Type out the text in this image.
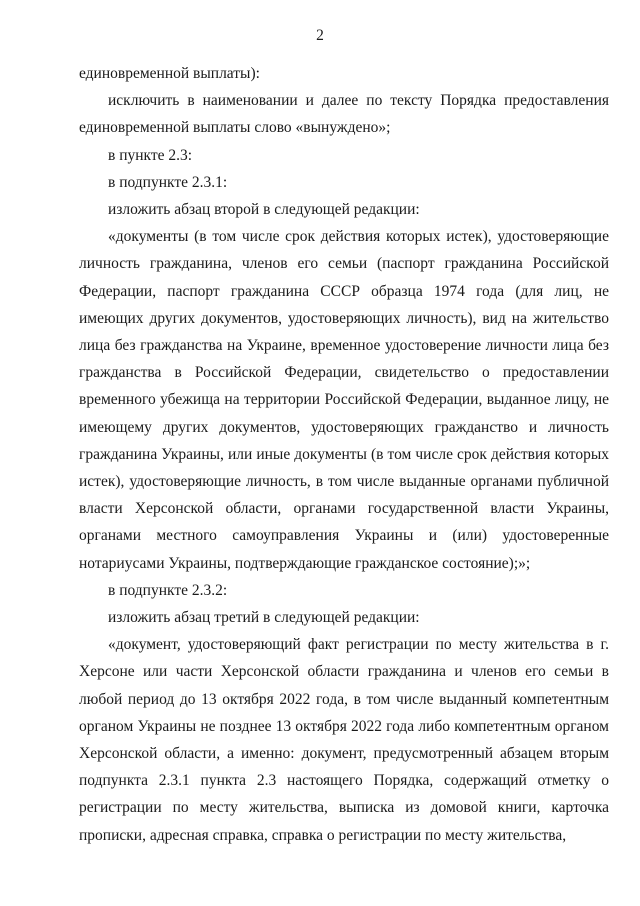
2

единовременной выплаты):

исключить в наименовании и далее по тексту Порядка предоставления единовременной выплаты слово «вынуждено»;

в пункте 2.3:

в подпункте 2.3.1:

изложить абзац второй в следующей редакции:

«документы (в том числе срок действия которых истек), удостоверяющие личность гражданина, членов его семьи (паспорт гражданина Российской Федерации, паспорт гражданина СССР образца 1974 года (для лиц, не имеющих других документов, удостоверяющих личность), вид на жительство лица без гражданства на Украине, временное удостоверение личности лица без гражданства в Российской Федерации, свидетельство о предоставлении временного убежища на территории Российской Федерации, выданное лицу, не имеющему других документов, удостоверяющих гражданство и личность гражданина Украины, или иные документы (в том числе срок действия которых истек), удостоверяющие личность, в том числе выданные органами публичной власти Херсонской области, органами государственной власти Украины, органами местного самоуправления Украины и (или) удостоверенные нотариусами Украины, подтверждающие гражданское состояние);»;

в подпункте 2.3.2:

изложить абзац третий в следующей редакции:

«документ, удостоверяющий факт регистрации по месту жительства в г. Херсоне или части Херсонской области гражданина и членов его семьи в любой период до 13 октября 2022 года, в том числе выданный компетентным органом Украины не позднее 13 октября 2022 года либо компетентным органом Херсонской области, а именно: документ, предусмотренный абзацем вторым подпункта 2.3.1 пункта 2.3 настоящего Порядка, содержащий отметку о регистрации по месту жительства, выписка из домовой книги, карточка прописки, адресная справка, справка о регистрации по месту жительства,
